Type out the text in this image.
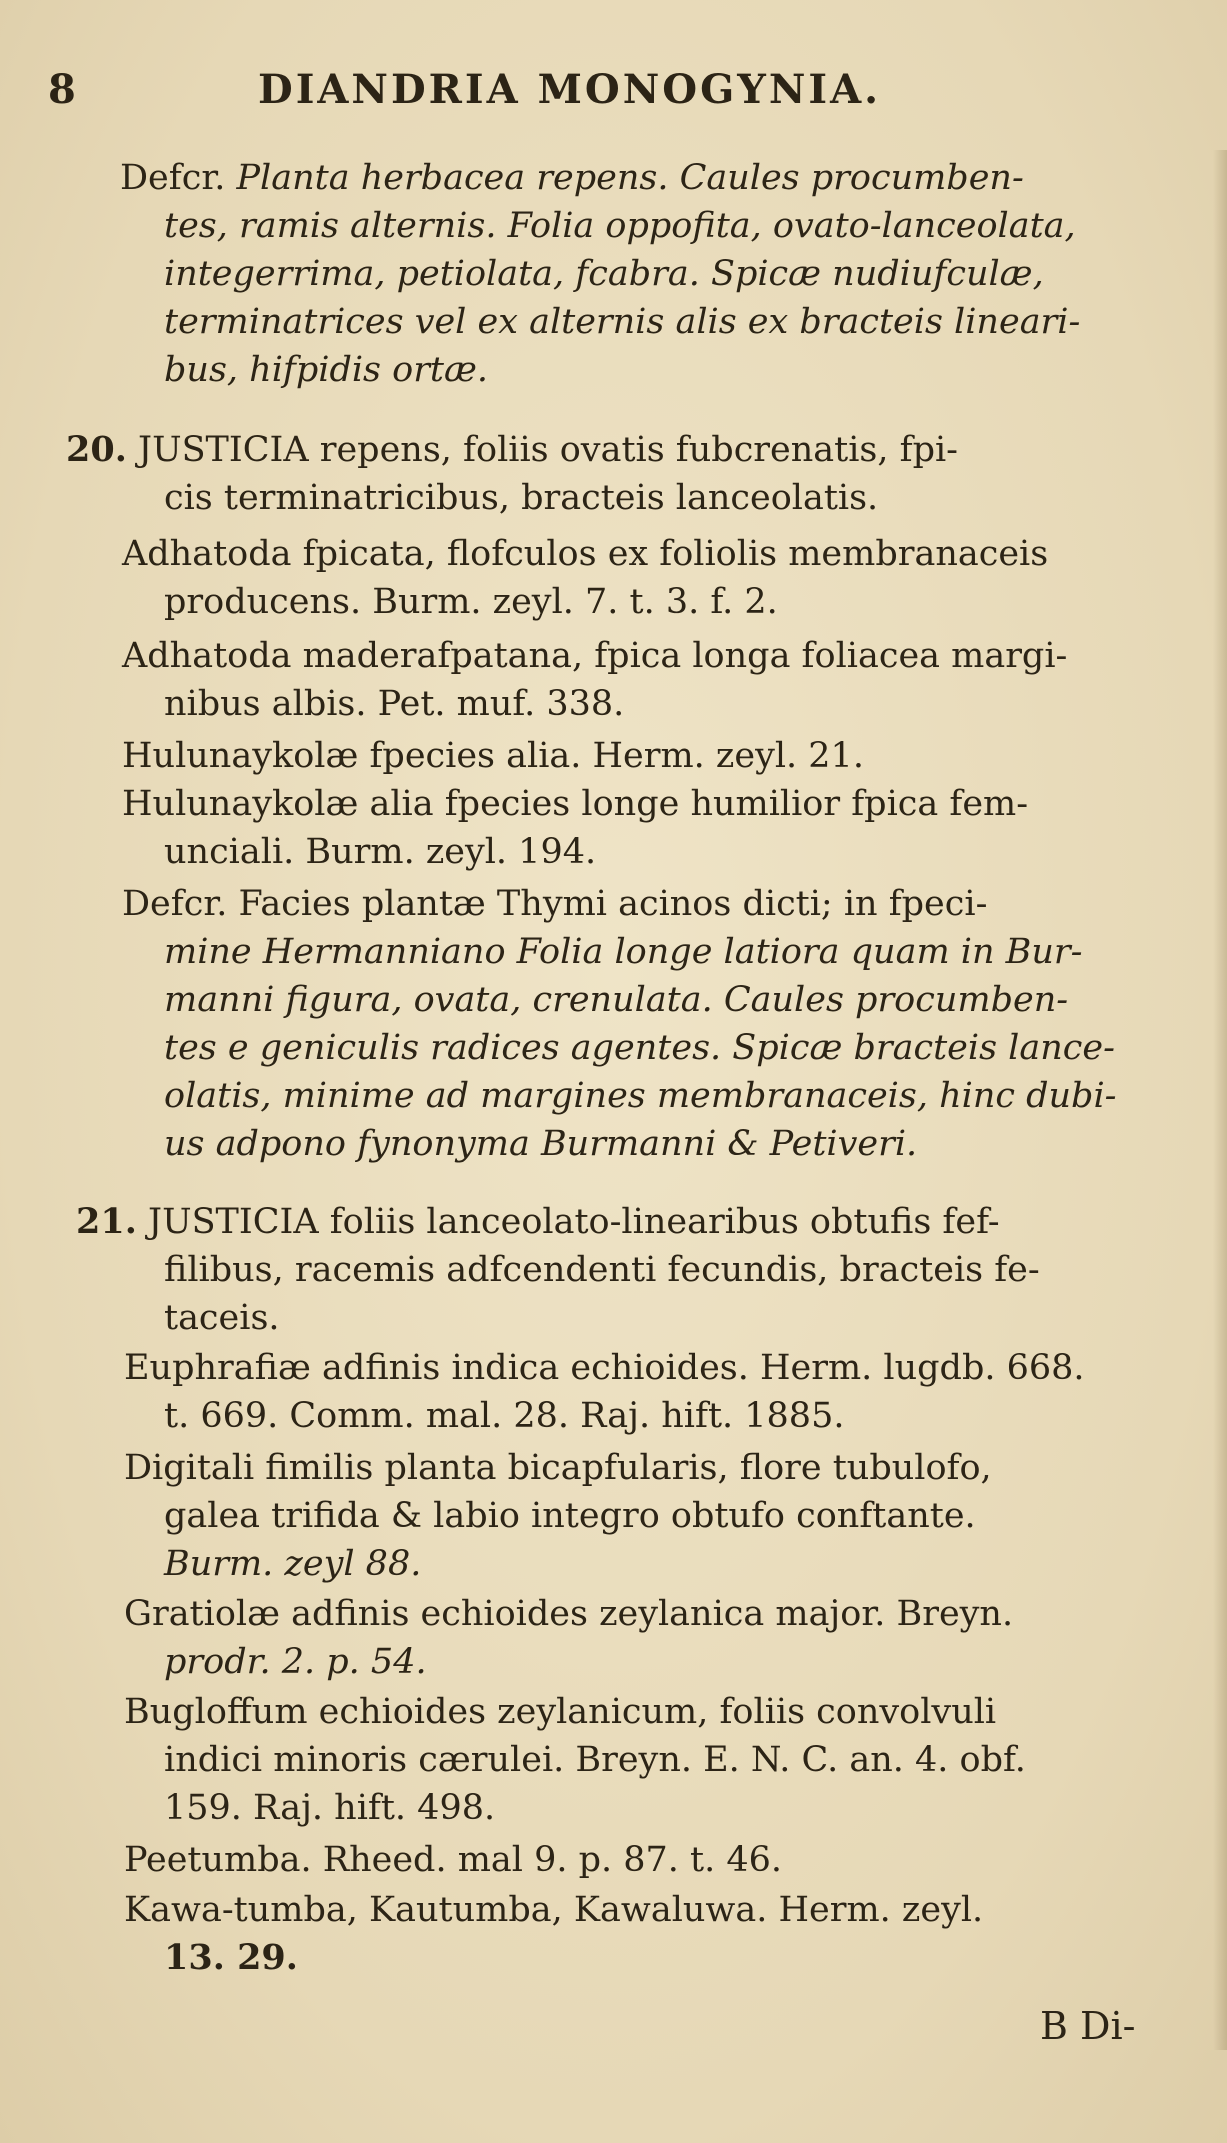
8	DIANDRIA MONOGYNIA.
Defcr. Planta herbacea repens. Caules procumben-
tes, ramis alternis. Folia oppofita, ovato-lanceolata,
integerrima, petiolata, fcabra. Spicæ nudiufculæ,
terminatrices vel ex alternis alis ex bracteis lineari-
bus, hifpidis ortæ.
20. JUSTICIA repens, foliis ovatis fubcrenatis, fpi-
cis terminatricibus, bracteis lanceolatis.
Adhatoda fpicata, flofculos ex foliolis membranaceis
producens. Burm. zeyl. 7. t. 3. f. 2.
Adhatoda maderafpatana, fpica longa foliacea margi-
nibus albis. Pet. muf. 338.
Hulunaykolæ fpecies alia. Herm. zeyl. 21.
Hulunaykolæ alia fpecies longe humilior fpica fem-
unciali. Burm. zeyl. 194.
Defcr. Facies plantæ Thymi acinos dicti; in fpeci-
mine Hermanniano Folia longe latiora quam in Bur-
manni figura, ovata, crenulata. Caules procumben-
tes e geniculis radices agentes. Spicæ bracteis lance-
olatis, minime ad margines membranaceis, hinc dubi-
us adpono fynonyma Burmanni & Petiveri.
21. JUSTICIA foliis lanceolato-linearibus obtufis fef-
filibus, racemis adfcendenti fecundis, bracteis fe-
taceis.
Euphrafiæ adfinis indica echioides. Herm. lugdb. 668.
t. 669. Comm. mal. 28. Raj. hift. 1885.
Digitali fimilis planta bicapfularis, flore tubulofo,
galea trifida & labio integro obtufo conftante.
Burm. zeyl 88.
Gratiolæ adfinis echioides zeylanica major. Breyn.
prodr. 2. p. 54.
Bugloffum echioides zeylanicum, foliis convolvuli
indici minoris cærulei. Breyn. E. N. C. an. 4. obf.
159. Raj. hift. 498.
Peetumba. Rheed. mal 9. p. 87. t. 46.
Kawa-tumba, Kautumba, Kawaluwa. Herm. zeyl.
13. 29.
B Di-
